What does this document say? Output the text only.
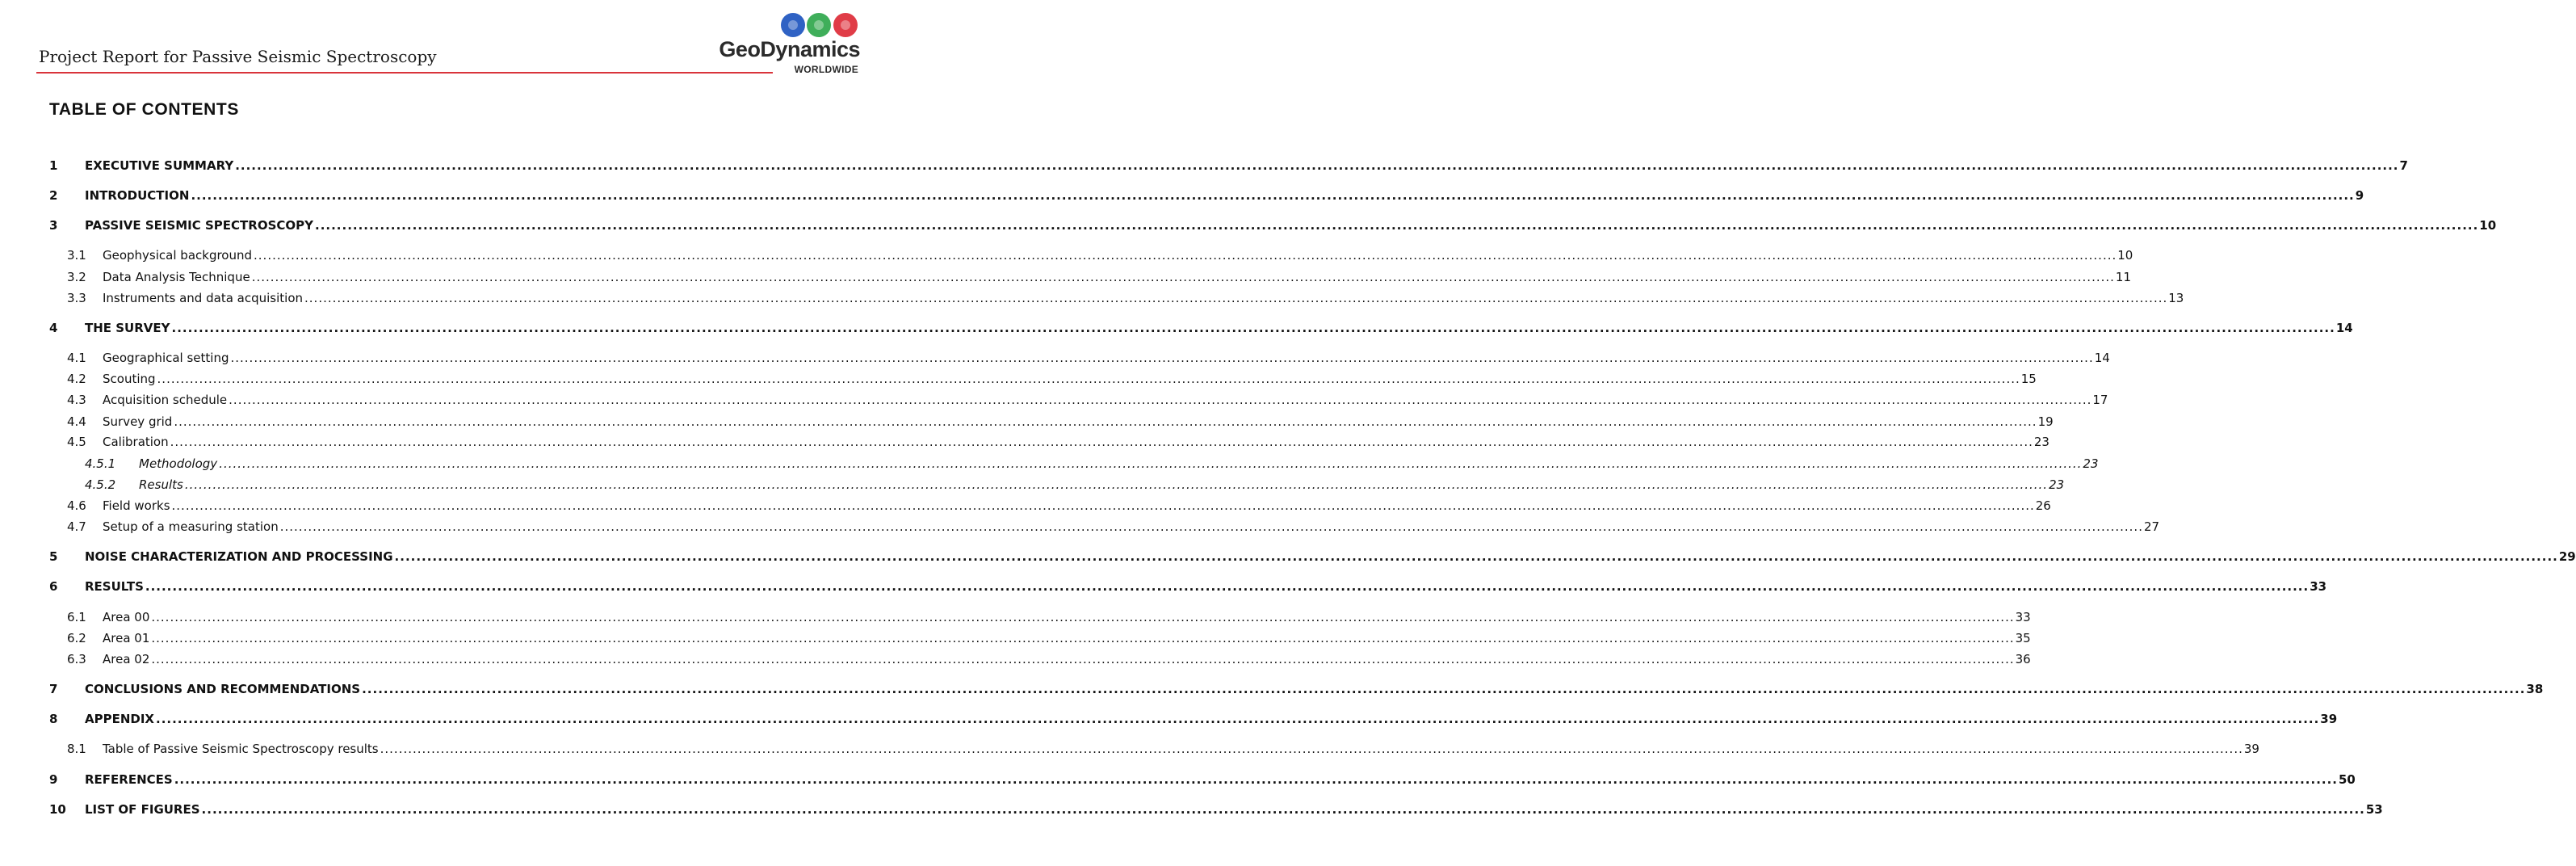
Project Report for Passive Seismic Spectroscopy	GeoDynamics
WORLDWIDE
TABLE OF CONTENTS
1 EXECUTIVE SUMMARY ................................................................................................................................................................................................................................................................................................................................................................................................................ 7
2 INTRODUCTION ................................................................................................................................................................................................................................................................................................................................................................................................................ 9
3 PASSIVE SEISMIC SPECTROSCOPY ................................................................................................................................................................................................................................................................................................................................................................................................................ 10
3.1 Geophysical background ................................................................................................................................................................................................................................................................................................................................................................................................................ 10
3.2 Data Analysis Technique ................................................................................................................................................................................................................................................................................................................................................................................................................ 11
3.3 Instruments and data acquisition ................................................................................................................................................................................................................................................................................................................................................................................................................ 13
4 THE SURVEY ................................................................................................................................................................................................................................................................................................................................................................................................................ 14
4.1 Geographical setting ................................................................................................................................................................................................................................................................................................................................................................................................................ 14
4.2 Scouting ................................................................................................................................................................................................................................................................................................................................................................................................................ 15
4.3 Acquisition schedule ................................................................................................................................................................................................................................................................................................................................................................................................................ 17
4.4 Survey grid ................................................................................................................................................................................................................................................................................................................................................................................................................ 19
4.5 Calibration ................................................................................................................................................................................................................................................................................................................................................................................................................ 23
4.5.1 Methodology ................................................................................................................................................................................................................................................................................................................................................................................................................ 23
4.5.2 Results ................................................................................................................................................................................................................................................................................................................................................................................................................ 23
4.6 Field works ................................................................................................................................................................................................................................................................................................................................................................................................................ 26
4.7 Setup of a measuring station ................................................................................................................................................................................................................................................................................................................................................................................................................ 27
5 NOISE CHARACTERIZATION AND PROCESSING ................................................................................................................................................................................................................................................................................................................................................................................................................ 29
6 RESULTS ................................................................................................................................................................................................................................................................................................................................................................................................................ 33
6.1 Area 00 ................................................................................................................................................................................................................................................................................................................................................................................................................ 33
6.2 Area 01 ................................................................................................................................................................................................................................................................................................................................................................................................................ 35
6.3 Area 02 ................................................................................................................................................................................................................................................................................................................................................................................................................ 36
7 CONCLUSIONS AND RECOMMENDATIONS ................................................................................................................................................................................................................................................................................................................................................................................................................ 38
8 APPENDIX ................................................................................................................................................................................................................................................................................................................................................................................................................ 39
8.1 Table of Passive Seismic Spectroscopy results ................................................................................................................................................................................................................................................................................................................................................................................................................ 39
9 REFERENCES ................................................................................................................................................................................................................................................................................................................................................................................................................ 50
10 LIST OF FIGURES ................................................................................................................................................................................................................................................................................................................................................................................................................ 53
